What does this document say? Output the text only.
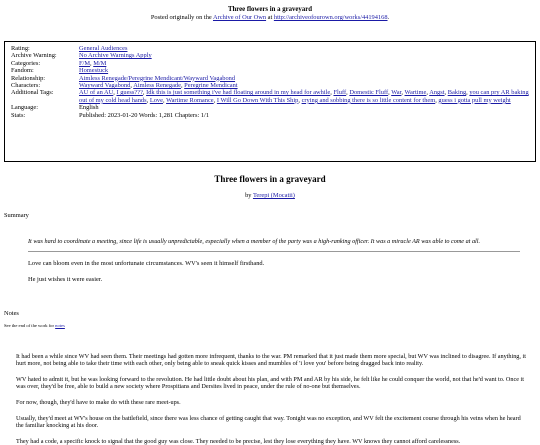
Three flowers in a graveyard
Posted originally on the Archive of Our Own at http://archiveofourown.org/works/44194168.
Rating:	General Audiences
Archive Warning:	No Archive Warnings Apply
Categories:	F/M, M/M
Fandom:	Homestuck
Relationship:	Aimless Renegade/Peregrine Mendicant/Wayward Vagabond
Characters:	Wayward Vagabond, Aimless Renegade, Peregrine Mendicant
Additional Tags:	AU of an AU, I guess???, Idk this is just something i've had floating around in my head for awhile, Fluff, Domestic Fluff, War, Wartime, Angst, Baking, you can pry AR baking out of my cold head hands, Love, Wartime Romance, I Will Go Down With This Ship, crying and sobbing there is so little content for them, guess i gotta pull my weight
Language:	English
Stats:	Published: 2023-01-20 Words: 1,281 Chapters: 1/1
Three flowers in a graveyard
by Terepi (Mocatii)
Summary
It was hard to coordinate a meeting, since life is usually unpredictable, especially when a member of the party was a high-ranking officer. It was a miracle AR was able to come at all.
Love can bloom even in the most unfortunate circumstances. WV's seen it himself firsthand.
He just wishes it were easier.
Notes
See the end of the work for notes
It had been a while since WV had seen them. Their meetings had gotten more infrequent, thanks to the war. PM remarked that it just made them more special, but WV was inclined to disagree. If anything, it hurt more, not being able to take their time with each other, only being able to sneak quick kisses and mumbles of 'i love you' before being dragged back into reality.
WV hated to admit it, but he was looking forward to the revolution. He had little doubt about his plan, and with PM and AR by his side, he felt like he could conquer the world, not that he'd want to. Once it was over, they'd be free, able to build a new society where Prospitians and Dersites lived in peace, under the rule of no-one but themselves.
For now, though, they'd have to make do with these rare meet-ups.
Usually, they'd meet at WV's house on the battlefield, since there was less chance of getting caught that way. Tonight was no exception, and WV felt the excitement course through his veins when he heard the familiar knocking at his door.
They had a code, a specific knock to signal that the good guy was close. They needed to be precise, lest they lose everything they have. WV knows they cannot afford carelessness.
